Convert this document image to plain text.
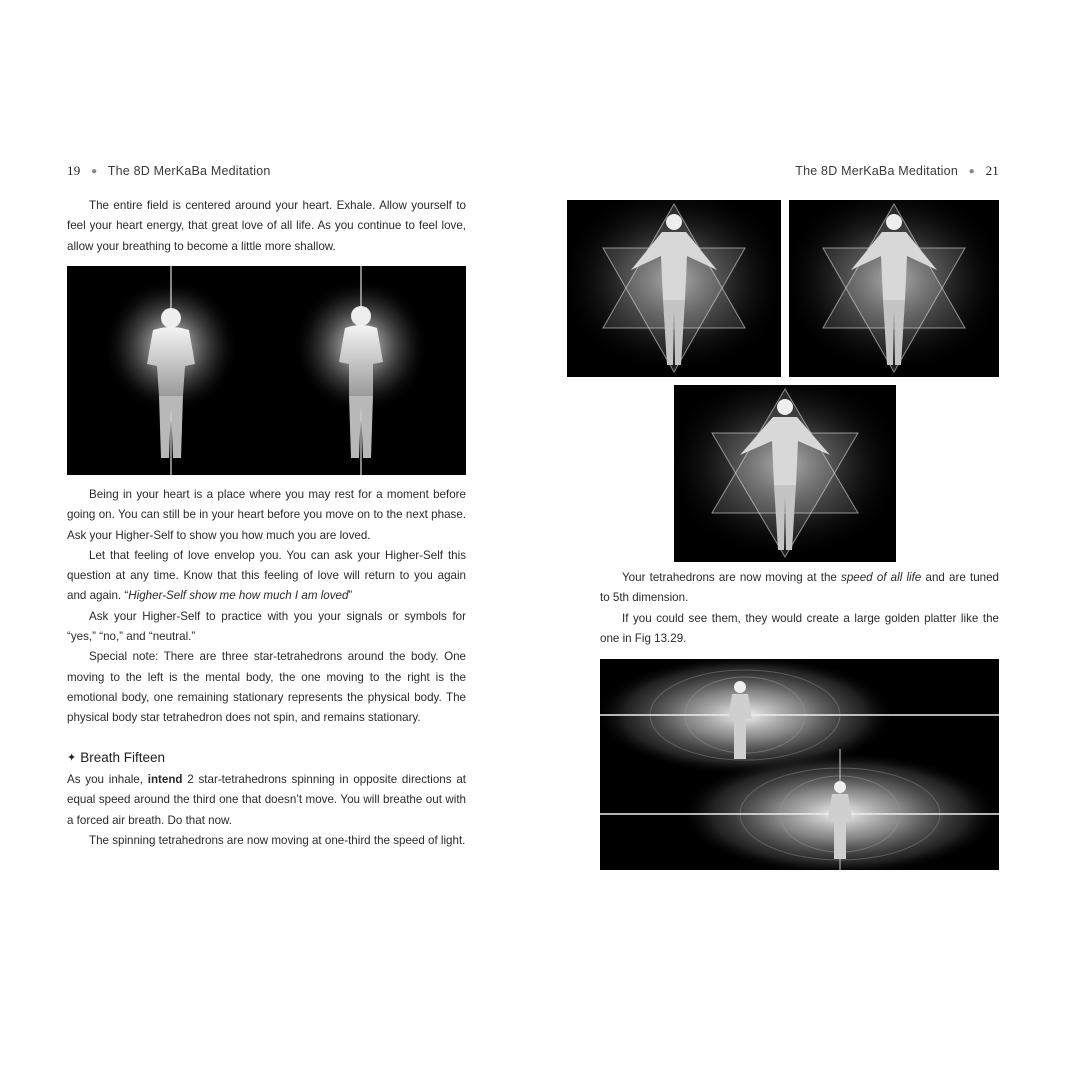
19 ● The 8D MerKaBa Meditation

The entire field is centered around your heart. Exhale. Allow yourself to feel your heart energy, that great love of all life. As you continue to feel love, allow your breathing to become a little more shallow.

Being in your heart is a place where you may rest for a moment before going on. You can still be in your heart before you move on to the next phase. Ask your Higher-Self to show you how much you are loved.

Let that feeling of love envelop you. You can ask your Higher-Self this question at any time. Know that this feeling of love will return to you again and again. “Higher-Self show me how much I am loved”

Ask your Higher-Self to practice with you your signals or symbols for “yes,” “no,” and “neutral.”

Special note: There are three star-tetrahedrons around the body. One moving to the left is the mental body, the one moving to the right is the emotional body, one remaining stationary represents the physical body. The physical body star tetrahedron does not spin, and remains stationary.

✦ Breath Fifteen

As you inhale, intend 2 star-tetrahedrons spinning in opposite directions at equal speed around the third one that doesn’t move. You will breathe out with a forced air breath. Do that now.

The spinning tetrahedrons are now moving at one-third the speed of light.

The 8D MerKaBa Meditation ● 21

Your tetrahedrons are now moving at the speed of all life and are tuned to 5th dimension.

If you could see them, they would create a large golden platter like the one in Fig 13.29.
